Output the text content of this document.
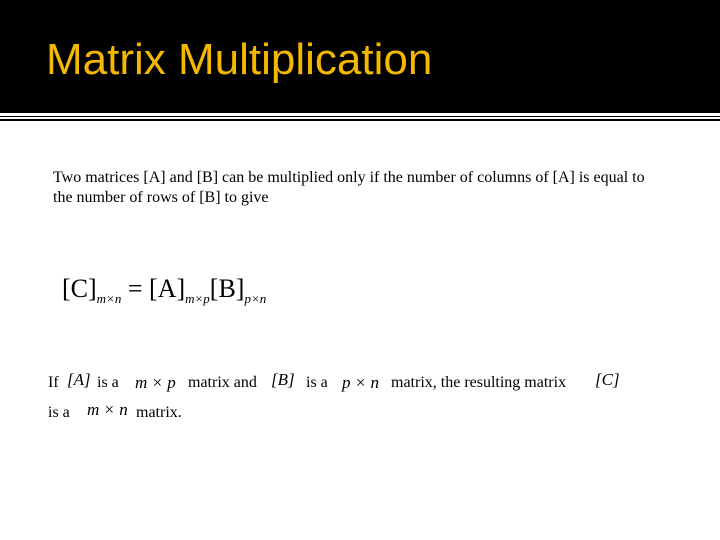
Matrix Multiplication
Two matrices [A] and [B] can be multiplied only if the number of columns of [A] is equal to the number of rows of [B] to give
$[C]_{m\times n} = [A]_{m\times p}[B]_{p\times n}$
If [A] is a m × p matrix and [B] is a p × n matrix, the resulting matrix [C]
is a m × n matrix.
